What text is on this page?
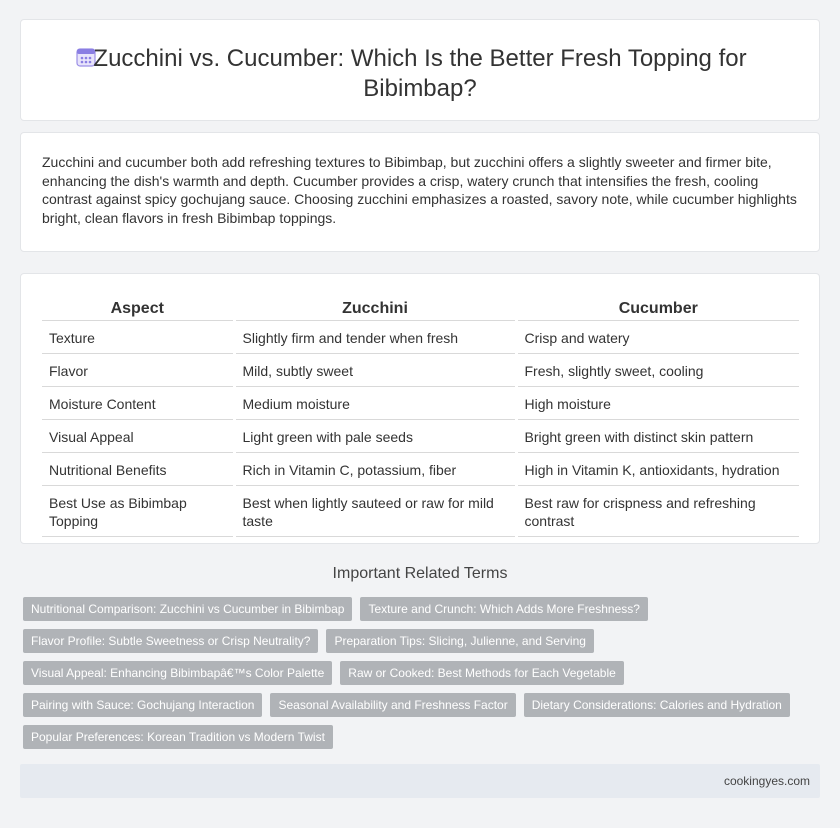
Zucchini vs. Cucumber: Which Is the Better Fresh Topping for Bibimbap?

Zucchini and cucumber both add refreshing textures to Bibimbap, but zucchini offers a slightly sweeter and firmer bite, enhancing the dish's warmth and depth. Cucumber provides a crisp, watery crunch that intensifies the fresh, cooling contrast against spicy gochujang sauce. Choosing zucchini emphasizes a roasted, savory note, while cucumber highlights bright, clean flavors in fresh Bibimbap toppings.

Aspect	Zucchini	Cucumber
Texture	Slightly firm and tender when fresh	Crisp and watery
Flavor	Mild, subtly sweet	Fresh, slightly sweet, cooling
Moisture Content	Medium moisture	High moisture
Visual Appeal	Light green with pale seeds	Bright green with distinct skin pattern
Nutritional Benefits	Rich in Vitamin C, potassium, fiber	High in Vitamin K, antioxidants, hydration
Best Use as Bibimbap Topping	Best when lightly sauteed or raw for mild taste	Best raw for crispness and refreshing contrast
Important Related Terms
Nutritional Comparison: Zucchini vs Cucumber in Bibimbap	Texture and Crunch: Which Adds More Freshness?
Flavor Profile: Subtle Sweetness or Crisp Neutrality?	Preparation Tips: Slicing, Julienne, and Serving
Visual Appeal: Enhancing Bibimbapâ€™s Color Palette	Raw or Cooked: Best Methods for Each Vegetable
Pairing with Sauce: Gochujang Interaction	Seasonal Availability and Freshness Factor	Dietary Considerations: Calories and Hydration
Popular Preferences: Korean Tradition vs Modern Twist
cookingyes.com
